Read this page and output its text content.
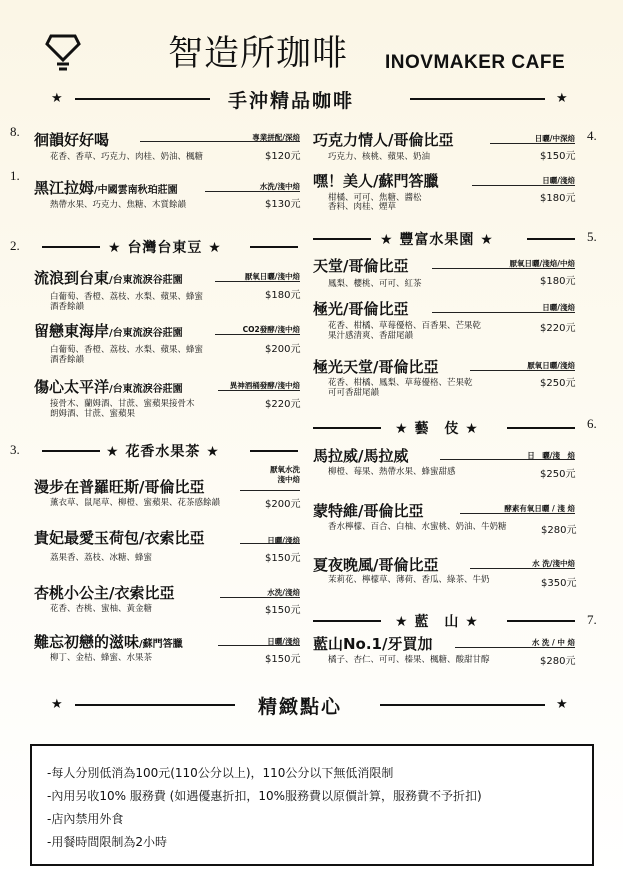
智造所珈啡 INOVMAKER CAFE
★	手沖精品咖啡	★
8.
1.
2.
3.
4.
5.
6.
7.
徊韻好好喝	專業拼配/深焙
$120元
花香、香草、巧克力、肉桂、奶油、楓糖
黑江拉姆/中國雲南秋珀莊園	水洗/淺中焙
$130元
熱帶水果、巧克力、焦糖、木質餘韻
★ 台灣台東豆 ★
流浪到台東/台東流淚谷莊園	厭氧日曬/淺中焙
$180元
白葡萄、香橙、荔枝、水梨、蘋果、蜂蜜
酒香餘韻
留戀東海岸/台東流淚谷莊園	CO2發酵/淺中焙
$200元
白葡萄、香橙、荔枝、水梨、蘋果、蜂蜜
酒香餘韻
傷心太平洋/台東流淚谷莊園	異神酒桶發酵/淺中焙
$220元
接骨木、蘭姆酒、甘蔗、蜜蘋果接骨木
朗姆酒、甘蔗、蜜蘋果
★ 花香水果茶 ★
漫步在普羅旺斯/哥倫比亞
厭氧水洗
淺中焙
$200元
薰衣草、鼠尾草、柳橙、蜜蘋果、花茶感餘韻
貴妃最愛玉荷包/衣索比亞	日曬/淺焙
$150元
荔果香、荔枝、冰糖、蜂蜜
杏桃小公主/衣索比亞	水洗/淺焙
$150元
花香、杏桃、蜜柚、黃金糖
難忘初戀的滋味/蘇門答臘	日曬/淺焙
$150元
柳丁、金桔、蜂蜜、水果茶
巧克力情人/哥倫比亞	日曬/中深焙
$150元
巧克力、核桃、蘋果、奶油
嘿！美人/蘇門答臘	日曬/淺焙
$180元
柑橘、可可、焦糖、醬松
香料、肉桂、煙草
★ 豐富水果園 ★
天堂/哥倫比亞	厭氧日曬/淺焙/中焙
$180元
鳳梨、櫻桃、可可、紅茶
極光/哥倫比亞	日曬/淺焙
$220元
花香、柑橘、草莓優格、百香果、芒果乾
果汁感清爽、香甜尾韻
極光天堂/哥倫比亞	厭氧日曬/淺焙
$250元
花香、柑橘、鳳梨、草莓優格、芒果乾
可可香甜尾韻
★ 藝　伎 ★
馬拉威/馬拉威	日　曬/淺　焙
$250元
柳橙、莓果、熱帶水果、蜂蜜甜感
蒙特維/哥倫比亞	酵素有氧日曬 / 淺 焙
香水檸檬、百合、白柚、水蜜桃、奶油、牛奶糖	$280元
夏夜晚風/哥倫比亞	水 洗/淺中焙
茉莉花、檸檬草、薄荷、香瓜、綠茶、牛奶	$350元
★ 藍　山 ★
藍山No.1/牙買加	水 洗 / 中 焙
$280元
橘子、杏仁、可可、榛果、楓糖、酸甜甘醇
★	精緻點心	★
-每人分別低消為100元(110公分以上)，110公分以下無低消限制
-內用另收10% 服務費 (如遇優惠折扣，10%服務費以原價計算，服務費不予折扣)
-店內禁用外食
-用餐時間限制為2小時
